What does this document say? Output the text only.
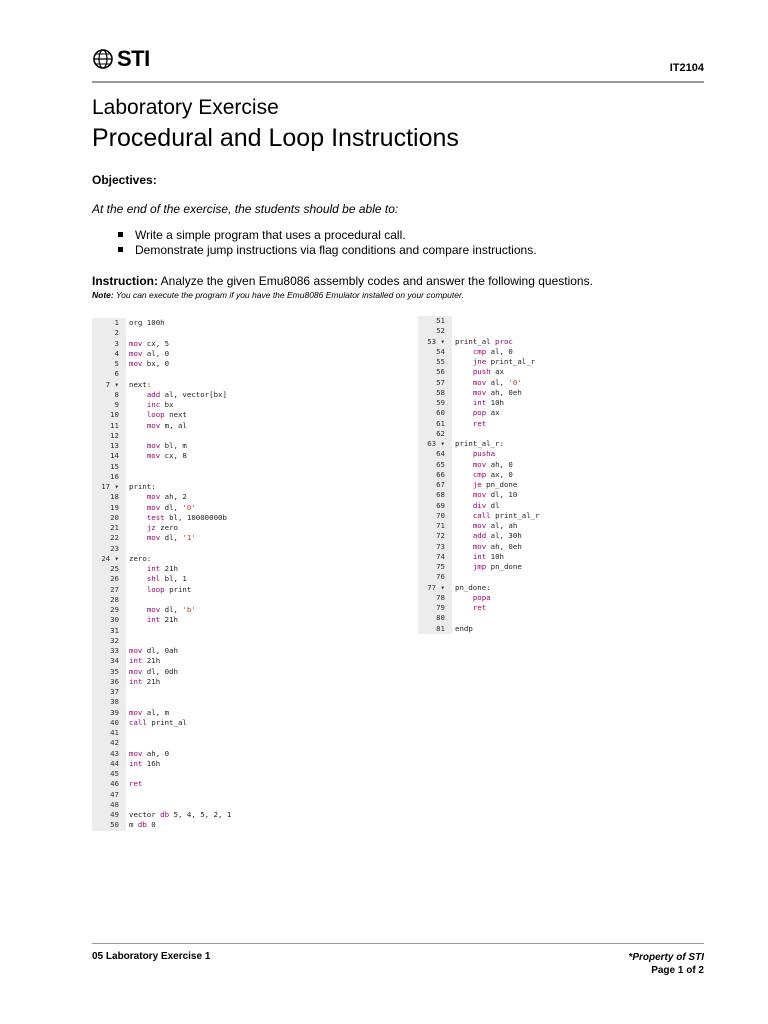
STI	IT2104
Laboratory Exercise
Procedural and Loop Instructions
Objectives:
At the end of the exercise, the students should be able to:
Write a simple program that uses a procedural call.
Demonstrate jump instructions via flag conditions and compare instructions.
Instruction: Analyze the given Emu8086 assembly codes and answer the following questions.
Note: You can execute the program if you have the Emu8086 Emulator installed on your computer.
1	org 100h
2
3	mov cx, 5
4	mov al, 0
5	mov bx, 0
6
7 ▾	next:
8	add al, vector[bx]
9	inc bx
10	loop next
11	mov m, al
12
13	mov bl, m
14	mov cx, 8
15
16
17 ▾	print:
18	mov ah, 2
19	mov dl, '0'
20	test bl, 10000000b
21	jz zero
22	mov dl, '1'
23
24 ▾	zero:
25	int 21h
26	shl bl, 1
27	loop print
28
29	mov dl, 'b'
30	int 21h
31
32
33	mov dl, 0ah
34	int 21h
35	mov dl, 0dh
36	int 21h
37
38
39	mov al, m
40	call print_al
41
42
43	mov ah, 0
44	int 16h
45
46	ret
47
48
49	vector db 5, 4, 5, 2, 1
50	m db 0
51
52
53 ▾	print_al proc
54	cmp al, 0
55	jne print_al_r
56	push ax
57	mov al, '0'
58	mov ah, 0eh
59	int 10h
60	pop ax
61	ret
62
63 ▾	print_al_r:
64	pusha
65	mov ah, 0
66	cmp ax, 0
67	je pn_done
68	mov dl, 10
69	div dl
70	call print_al_r
71	mov al, ah
72	add al, 30h
73	mov ah, 0eh
74	int 10h
75	jmp pn_done
76
77 ▾	pn_done:
78	popa
79	ret
80
81	endp
05 Laboratory Exercise 1	*Property of STI
Page 1 of 2
